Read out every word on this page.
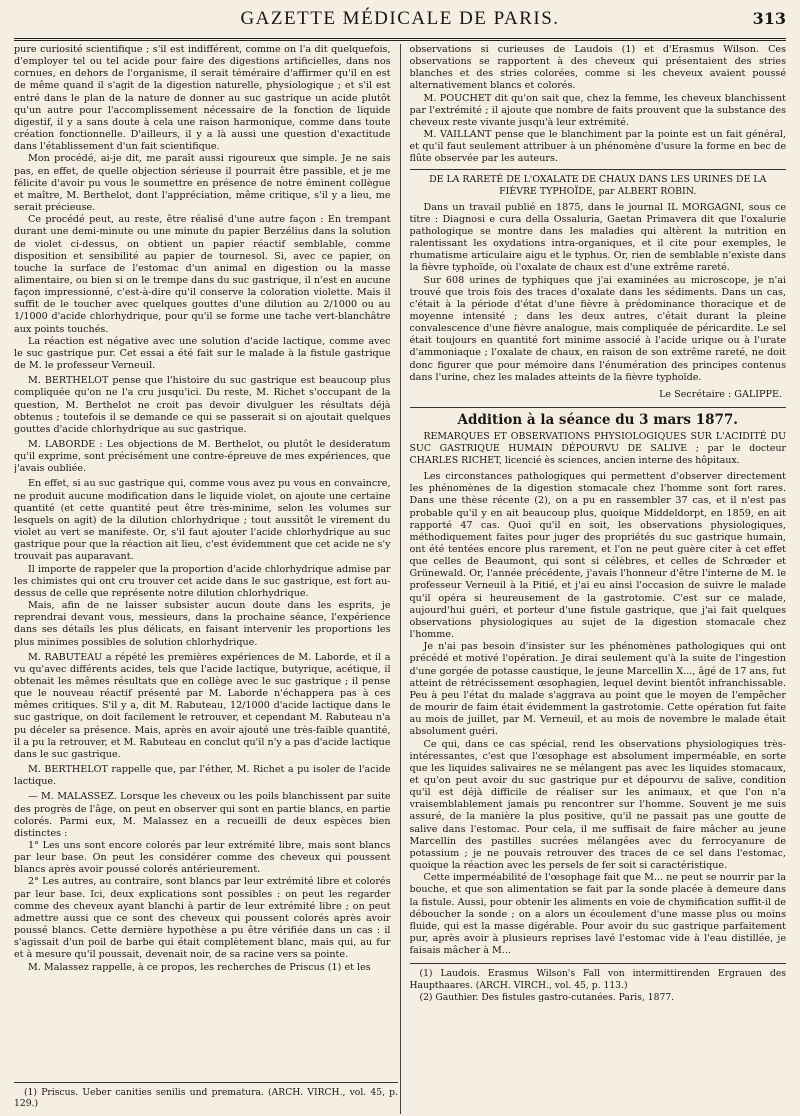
GAZETTE MÉDICALE DE PARIS.	313

pure curiosité scientifique ; s'il est indifférent, comme on l'a dit quelquefois, d'employer tel ou tel acide pour faire des digestions artificielles, dans nos cornues, en dehors de l'organisme, il serait téméraire d'affirmer qu'il en est de même quand il s'agit de la digestion naturelle, physiologique ; et s'il est entré dans le plan de la nature de donner au suc gastrique un acide plutôt qu'un autre pour l'accomplissement nécessaire de la fonction de liquide digestif, il y a sans doute à cela une raison harmonique, comme dans toute création fonctionnelle. D'ailleurs, il y a là aussi une question d'exactitude dans l'établissement d'un fait scientifique.

Mon procédé, ai-je dit, me paraît aussi rigoureux que simple. Je ne sais pas, en effet, de quelle objection sérieuse il pourrait être passible, et je me félicite d'avoir pu vous le soumettre en présence de notre éminent collègue et maître, M. Berthelot, dont l'appréciation, même critique, s'il y a lieu, me serait précieuse.

Ce procédé peut, au reste, être réalisé d'une autre façon : En trempant durant une demi-minute ou une minute du papier Berzélius dans la solution de violet ci-dessus, on obtient un papier réactif semblable, comme disposition et sensibilité au papier de tournesol. Si, avec ce papier, on touche la surface de l'estomac d'un animal en digestion ou la masse alimentaire, ou bien si on le trempe dans du suc gastrique, il n'est en aucune façon impressionné, c'est-à-dire qu'il conserve la coloration violette. Mais il suffit de le toucher avec quelques gouttes d'une dilution au 2/1000 ou au 1/1000 d'acide chlorhydrique, pour qu'il se forme une tache vert-blanchâtre aux points touchés.

La réaction est négative avec une solution d'acide lactique, comme avec le suc gastrique pur. Cet essai a été fait sur le malade à la fistule gastrique de M. le professeur Verneuil.

M. BERTHELOT pense que l'histoire du suc gastrique est beaucoup plus compliquée qu'on ne l'a cru jusqu'ici. Du reste, M. Richet s'occupant de la question, M. Berthelot ne croit pas devoir divulguer les résultats déjà obtenus ; toutefois il se demande ce qui se passerait si on ajoutait quelques gouttes d'acide chlorhydrique au suc gastrique.

M. LABORDE : Les objections de M. Berthelot, ou plutôt le desideratum qu'il exprime, sont précisément une contre-épreuve de mes expériences, que j'avais oubliée.

En effet, si au suc gastrique qui, comme vous avez pu vous en convaincre, ne produit aucune modification dans le liquide violet, on ajoute une certaine quantité (et cette quantité peut être très-minime, selon les volumes sur lesquels on agit) de la dilution chlorhydrique ; tout aussitôt le virement du violet au vert se manifeste. Or, s'il faut ajouter l'acide chlorhydrique au suc gastrique pour que la réaction ait lieu, c'est évidemment que cet acide ne s'y trouvait pas auparavant.

Il importe de rappeler que la proportion d'acide chlorhydrique admise par les chimistes qui ont cru trouver cet acide dans le suc gastrique, est fort au-dessus de celle que représente notre dilution chlorhydrique.

Mais, afin de ne laisser subsister aucun doute dans les esprits, je reprendrai devant vous, messieurs, dans la prochaine séance, l'expérience dans ses détails les plus délicats, en faisant intervenir les proportions les plus minimes possibles de solution chlorhydrique.

M. RABUTEAU a répété les premières expériences de M. Laborde, et il a vu qu'avec différents acides, tels que l'acide lactique, butyrique, acétique, il obtenait les mêmes résultats que en collège avec le suc gastrique ; il pense que le nouveau réactif présenté par M. Laborde n'échappera pas à ces mêmes critiques. S'il y a, dit M. Rabuteau, 12/1000 d'acide lactique dans le suc gastrique, on doit facilement le retrouver, et cependant M. Rabuteau n'a pu déceler sa présence. Mais, après en avoir ajouté une très-faible quantité, il a pu la retrouver, et M. Rabuteau en conclut qu'il n'y a pas d'acide lactique dans le suc gastrique.

M. BERTHELOT rappelle que, par l'éther, M. Richet a pu isoler de l'acide lactique.

— M. MALASSEZ. Lorsque les cheveux ou les poils blanchissent par suite des progrès de l'âge, on peut en observer qui sont en partie blancs, en partie colorés. Parmi eux, M. Malassez en a recueilli de deux espèces bien distinctes :

1° Les uns sont encore colorés par leur extrémité libre, mais sont blancs par leur base. On peut les considérer comme des cheveux qui poussent blancs après avoir poussé colorés antérieurement.

2° Les autres, au contraire, sont blancs par leur extrémité libre et colorés par leur base. Ici, deux explications sont possibles : on peut les regarder comme des cheveux ayant blanchi à partir de leur extrémité libre ; on peut admettre aussi que ce sont des cheveux qui poussent colorés après avoir poussé blancs. Cette dernière hypothèse a pu être vérifiée dans un cas : il s'agissait d'un poil de barbe qui était complètement blanc, mais qui, au fur et à mesure qu'il poussait, devenait noir, de sa racine vers sa pointe.

M. Malassez rappelle, à ce propos, les recherches de Priscus (1) et les

(1) Priscus. Ueber canities senilis und prematura. (ARCH. VIRCH., vol. 45, p. 129.)

observations si curieuses de Laudois (1) et d'Erasmus Wilson. Ces observations se rapportent à des cheveux qui présentaient des stries blanches et des stries colorées, comme si les cheveux avaient poussé alternativement blancs et colorés.

M. POUCHET dit qu'on sait que, chez la femme, les cheveux blanchissent par l'extrémité ; il ajoute que nombre de faits prouvent que la substance des cheveux reste vivante jusqu'à leur extrémité.

M. VAILLANT pense que le blanchiment par la pointe est un fait général, et qu'il faut seulement attribuer à un phénomène d'usure la forme en bec de flûte observée par les auteurs.

DE LA RARETÉ DE L'OXALATE DE CHAUX DANS LES URINES DE LA FIÈVRE TYPHOÏDE, par ALBERT ROBIN.

Dans un travail publié en 1875, dans le journal IL MORGAGNI, sous ce titre : Diagnosi e cura della Ossaluria, Gaetan Primavera dit que l'oxalurie pathologique se montre dans les maladies qui altèrent la nutrition en ralentissant les oxydations intra-organiques, et il cite pour exemples, le rhumatisme articulaire aigu et le typhus. Or, rien de semblable n'existe dans la fièvre typhoïde, où l'oxalate de chaux est d'une extrême rareté.

Sur 608 urines de typhiques que j'ai examinées au microscope, je n'ai trouvé que trois fois des traces d'oxalate dans les sédiments. Dans un cas, c'était à la période d'état d'une fièvre à prédominance thoracique et de moyenne intensité ; dans les deux autres, c'était durant la pleine convalescence d'une fièvre analogue, mais compliquée de péricardite. Le sel était toujours en quantité fort minime associé à l'acide urique ou à l'urate d'ammoniaque ; l'oxalate de chaux, en raison de son extrême rareté, ne doit donc figurer que pour mémoire dans l'énumération des principes contenus dans l'urine, chez les malades atteints de la fièvre typhoïde.

Le Secrétaire : GALIPPE.
Addition à la séance du 3 mars 1877.
REMARQUES ET OBSERVATIONS PHYSIOLOGIQUES SUR L'ACIDITÉ DU SUC GASTRIQUE HUMAIN DÉPOURVU DE SALIVE ; par le docteur CHARLES RICHET, licencié ès sciences, ancien interne des hôpitaux.

Les circonstances pathologiques qui permettent d'observer directement les phénomènes de la digestion stomacale chez l'homme sont fort rares. Dans une thèse récente (2), on a pu en rassembler 37 cas, et il n'est pas probable qu'il y en ait beaucoup plus, quoique Middeldorpt, en 1859, en ait rapporté 47 cas. Quoi qu'il en soit, les observations physiologiques, méthodiquement faites pour juger des propriétés du suc gastrique humain, ont été tentées encore plus rarement, et l'on ne peut guère citer à cet effet que celles de Beaumont, qui sont si célèbres, et celles de Schrœder et Grünewald. Or, l'année précédente, j'avais l'honneur d'être l'interne de M. le professeur Verneuil à la Pitié, et j'ai eu ainsi l'occasion de suivre le malade qu'il opéra si heureusement de la gastrotomie. C'est sur ce malade, aujourd'hui guéri, et porteur d'une fistule gastrique, que j'ai fait quelques observations physiologiques au sujet de la digestion stomacale chez l'homme.

Je n'ai pas besoin d'insister sur les phénomènes pathologiques qui ont précédé et motivé l'opération. Je dirai seulement qu'à la suite de l'ingestion d'une gorgée de potasse caustique, le jeune Marcellin X..., âgé de 17 ans, fut atteint de rétrécissement œsophagien, lequel devint bientôt infranchissable. Peu à peu l'état du malade s'aggrava au point que le moyen de l'empêcher de mourir de faim était évidemment la gastrotomie. Cette opération fut faite au mois de juillet, par M. Verneuil, et au mois de novembre le malade était absolument guéri.

Ce qui, dans ce cas spécial, rend les observations physiologiques très-intéressantes, c'est que l'œsophage est absolument imperméable, en sorte que les liquides salivaires ne se mélangent pas avec les liquides stomacaux, et qu'on peut avoir du suc gastrique pur et dépourvu de salive, condition qu'il est déjà difficile de réaliser sur les animaux, et que l'on n'a vraisemblablement jamais pu rencontrer sur l'homme. Souvent je me suis assuré, de la manière la plus positive, qu'il ne passait pas une goutte de salive dans l'estomac. Pour cela, il me suffisait de faire mâcher au jeune Marcellin des pastilles sucrées mélangées avec du ferrocyanure de potassium ; je ne pouvais retrouver des traces de ce sel dans l'estomac, quoique la réaction avec les persels de fer soit si caractéristique.

Cette imperméabilité de l'œsophage fait que M... ne peut se nourrir par la bouche, et que son alimentation se fait par la sonde placée à demeure dans la fistule. Aussi, pour obtenir les aliments en voie de chymification suffit-il de déboucher la sonde ; on a alors un écoulement d'une masse plus ou moins fluide, qui est la masse digérable. Pour avoir du suc gastrique parfaitement pur, après avoir à plusieurs reprises lavé l'estomac vide à l'eau distillée, je faisais mâcher à M...

(1) Laudois. Erasmus Wilson's Fall von intermittirenden Ergrauen des Haupthaares. (ARCH. VIRCH., vol. 45, p. 113.)

(2) Gauthier. Des fistules gastro-cutanées. Paris, 1877.
